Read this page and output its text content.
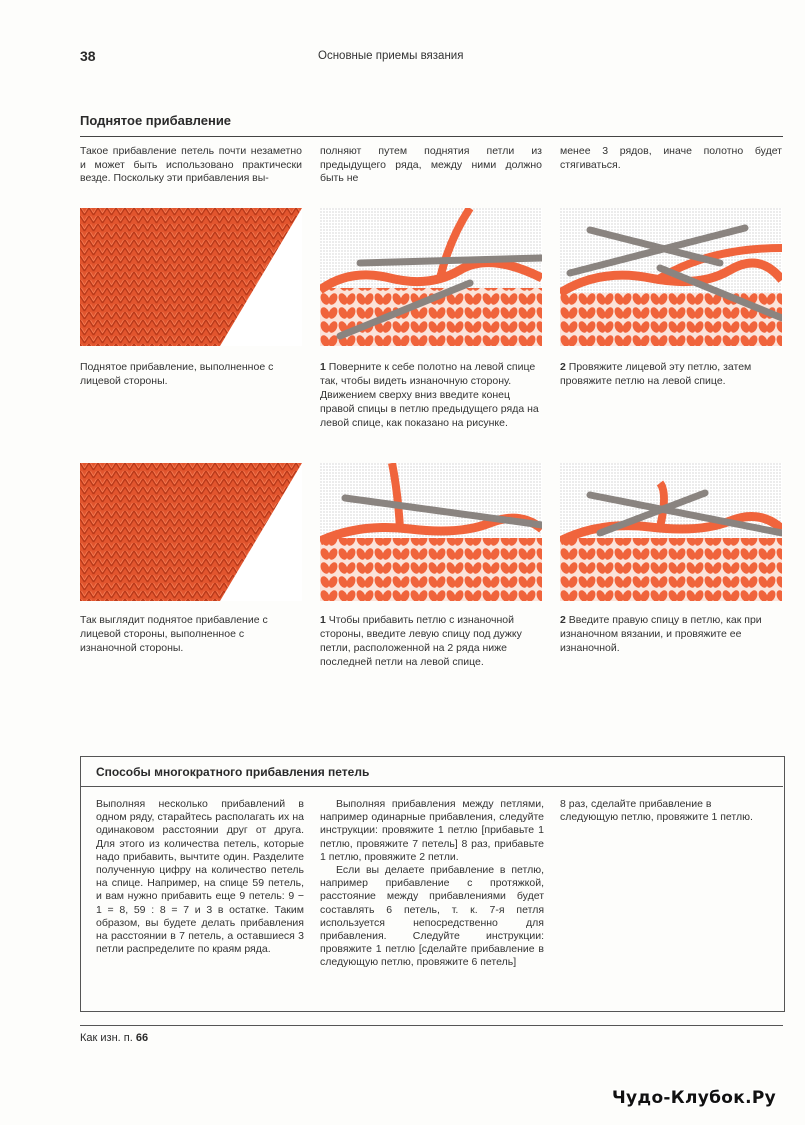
38	Основные приемы вязания
Поднятое прибавление
Такое прибавление петель почти незаметно и может быть использовано практически везде. Поскольку эти прибавления вы-
полняют путем поднятия петли из предыдущего ряда, между ними должно быть не
менее 3 рядов, иначе полотно будет стягиваться.
Поднятое прибавление, выполненное с лицевой стороны.
1 Поверните к себе полотно на левой спице так, чтобы видеть изнаночную сторону. Движением сверху вниз введите конец правой спицы в петлю предыдущего ряда на левой спице, как показано на рисунке.
2 Провяжите лицевой эту петлю, затем провяжите петлю на левой спице.
Так выглядит поднятое прибавление с лицевой стороны, выполненное с изнаночной стороны.
1 Чтобы прибавить петлю с изнаночной стороны, введите левую спицу под дужку петли, расположенной на 2 ряда ниже последней петли на левой спице.
2 Введите правую спицу в петлю, как при изнаночном вязании, и провяжите ее изнаночной.
Способы многократного прибавления петель
Выполняя несколько прибавлений в одном ряду, старайтесь располагать их на одинаковом расстоянии друг от друга. Для этого из количества петель, которые надо прибавить, вычтите один. Разделите полученную цифру на количество петель на спице. Например, на спице 59 петель, и вам нужно прибавить еще 9 петель: 9 − 1 = 8, 59 : 8 = 7 и 3 в остатке. Таким образом, вы будете делать прибавления на расстоянии в 7 петель, а оставшиеся 3 петли распределите по краям ряда.
Выполняя прибавления между петлями, например одинарные прибавления, следуйте инструкции: провяжите 1 петлю [прибавьте 1 петлю, провяжите 7 петель] 8 раз, прибавьте 1 петлю, провяжите 2 петли.
Если вы делаете прибавление в петлю, например прибавление с протяжкой, расстояние между прибавлениями будет составлять 6 петель, т. к. 7-я петля используется непосредственно для прибавления. Следуйте инструкции: провяжите 1 петлю [сделайте прибавление в следующую петлю, провяжите 6 петель]
8 раз, сделайте прибавление в следующую петлю, провяжите 1 петлю.
Как изн. п. 66
Чудо-Клубок.Ру
